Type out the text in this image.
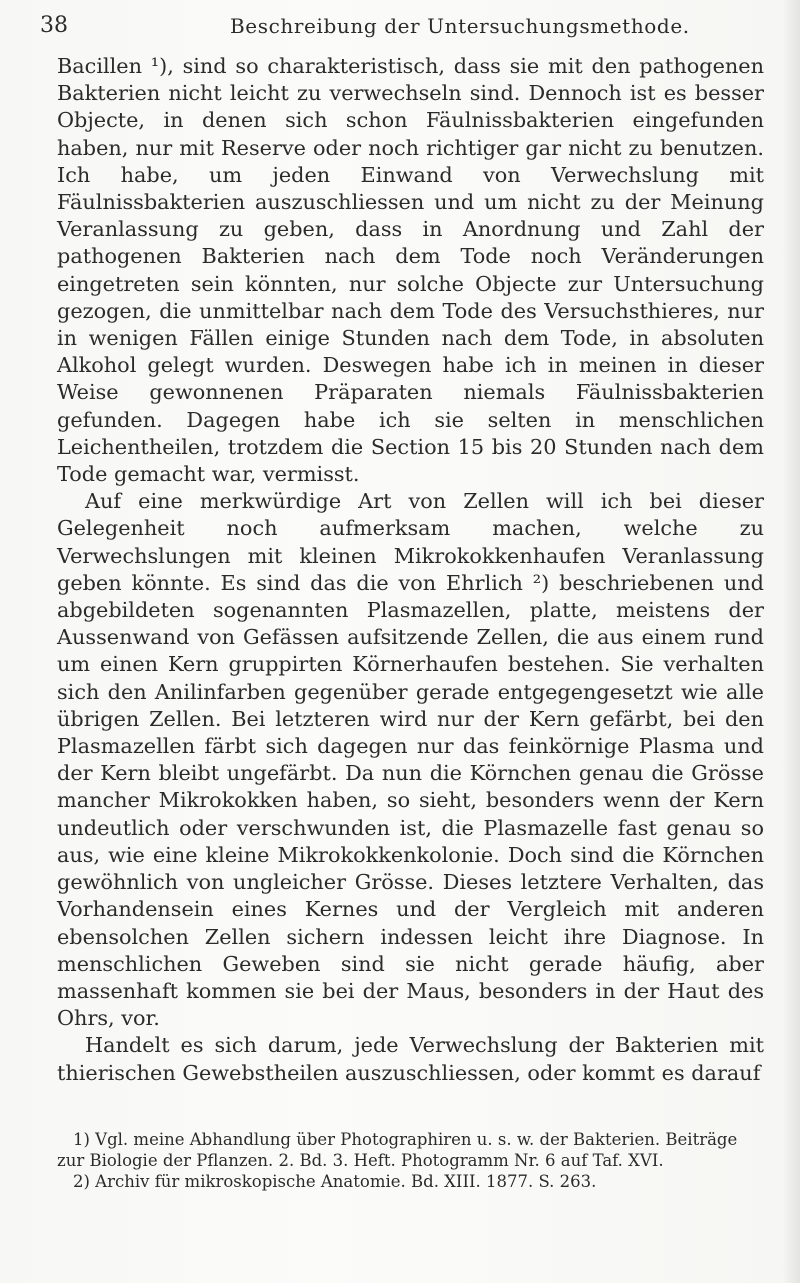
38	Beschreibung der Untersuchungsmethode.

Bacillen ¹), sind so charakteristisch, dass sie mit den pathogenen Bakterien nicht leicht zu verwechseln sind. Dennoch ist es besser Objecte, in denen sich schon Fäulnissbakterien eingefunden haben, nur mit Reserve oder noch richtiger gar nicht zu benutzen. Ich habe, um jeden Einwand von Verwechslung mit Fäulnissbakterien auszuschliessen und um nicht zu der Meinung Veranlassung zu geben, dass in Anordnung und Zahl der pathogenen Bakterien nach dem Tode noch Veränderungen eingetreten sein könnten, nur solche Objecte zur Untersuchung gezogen, die unmittelbar nach dem Tode des Versuchsthieres, nur in wenigen Fällen einige Stunden nach dem Tode, in absoluten Alkohol gelegt wurden. Deswegen habe ich in meinen in dieser Weise gewonnenen Präparaten niemals Fäulnissbakterien gefunden. Dagegen habe ich sie selten in menschlichen Leichentheilen, trotzdem die Section 15 bis 20 Stunden nach dem Tode gemacht war, vermisst.

Auf eine merkwürdige Art von Zellen will ich bei dieser Gelegenheit noch aufmerksam machen, welche zu Verwechslungen mit kleinen Mikrokokkenhaufen Veranlassung geben könnte. Es sind das die von Ehrlich ²) beschriebenen und abgebildeten sogenannten Plasmazellen, platte, meistens der Aussenwand von Gefässen aufsitzende Zellen, die aus einem rund um einen Kern gruppirten Körnerhaufen bestehen. Sie verhalten sich den Anilinfarben gegenüber gerade entgegengesetzt wie alle übrigen Zellen. Bei letzteren wird nur der Kern gefärbt, bei den Plasmazellen färbt sich dagegen nur das feinkörnige Plasma und der Kern bleibt ungefärbt. Da nun die Körnchen genau die Grösse mancher Mikrokokken haben, so sieht, besonders wenn der Kern undeutlich oder verschwunden ist, die Plasmazelle fast genau so aus, wie eine kleine Mikrokokkenkolonie. Doch sind die Körnchen gewöhnlich von ungleicher Grösse. Dieses letztere Verhalten, das Vorhandensein eines Kernes und der Vergleich mit anderen ebensolchen Zellen sichern indessen leicht ihre Diagnose. In menschlichen Geweben sind sie nicht gerade häufig, aber massenhaft kommen sie bei der Maus, besonders in der Haut des Ohrs, vor.

Handelt es sich darum, jede Verwechslung der Bakterien mit thierischen Gewebstheilen auszuschliessen, oder kommt es darauf

1) Vgl. meine Abhandlung über Photographiren u. s. w. der Bakterien. Beiträge zur Biologie der Pflanzen. 2. Bd. 3. Heft. Photogramm Nr. 6 auf Taf. XVI.

2) Archiv für mikroskopische Anatomie. Bd. XIII. 1877. S. 263.
